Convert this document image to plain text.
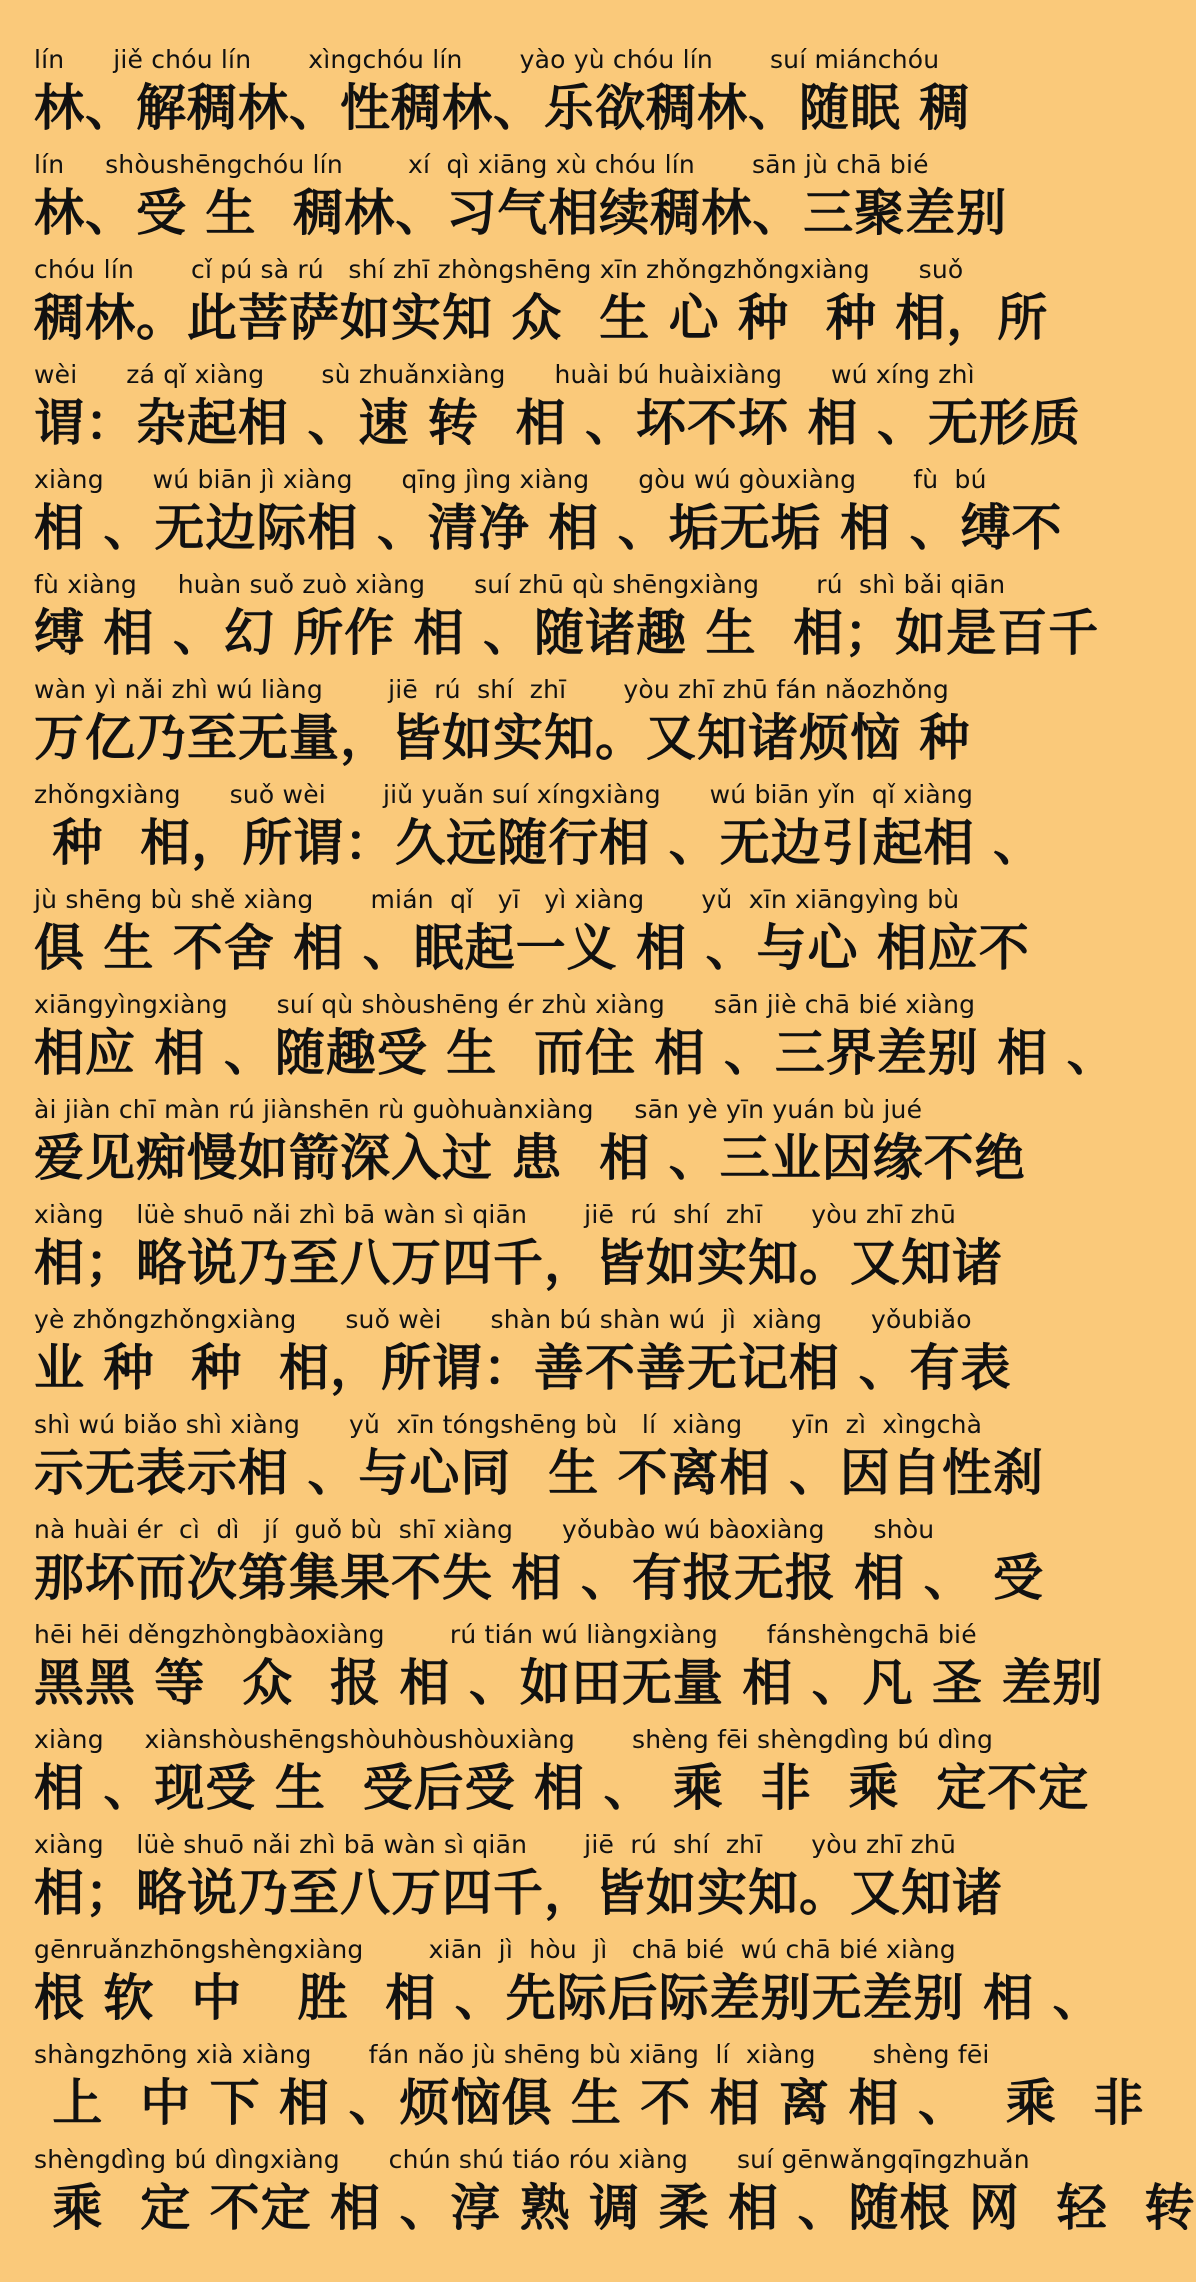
lín      jiě chóu lín       xìngchóu lín       yào yù chóu lín       suí miánchóu
林、解稠林、性稠林、乐欲稠林、随眠 稠
lín     shòushēngchóu lín        xí  qì xiāng xù chóu lín       sān jù chā bié
林、受 生  稠林、习气相续稠林、三聚差别
chóu lín       cǐ pú sà rú   shí zhī zhòngshēng xīn zhǒngzhǒngxiàng      suǒ
稠林。此菩萨如实知 众  生 心 种  种 相，所
wèi      zá qǐ xiàng       sù zhuǎnxiàng      huài bú huàixiàng      wú xíng zhì
谓：杂起相 、速 转  相 、坏不坏 相 、无形质
xiàng      wú biān jì xiàng      qīng jìng xiàng      gòu wú gòuxiàng       fù  bú
相 、无边际相 、清净 相 、垢无垢 相 、缚不
fù xiàng     huàn suǒ zuò xiàng      suí zhū qù shēngxiàng       rú  shì bǎi qiān
缚 相 、幻 所作 相 、随诸趣 生  相；如是百千
wàn yì nǎi zhì wú liàng        jiē  rú  shí  zhī       yòu zhī zhū fán nǎozhǒng
万亿乃至无量，皆如实知。又知诸烦恼 种
zhǒngxiàng      suǒ wèi       jiǔ yuǎn suí xíngxiàng      wú biān yǐn  qǐ xiàng
种  相，所谓：久远随行相 、无边引起相 、
jù shēng bù shě xiàng       mián  qǐ   yī   yì xiàng       yǔ  xīn xiāngyìng bù
俱 生 不舍 相 、眠起一义 相 、与心 相应不
xiāngyìngxiàng      suí qù shòushēng ér zhù xiàng      sān jiè chā bié xiàng
相应 相 、随趣受 生  而住 相 、三界差别 相 、
ài jiàn chī màn rú jiànshēn rù guòhuànxiàng     sān yè yīn yuán bù jué
爱见痴慢如箭深入过 患  相 、三业因缘不绝
xiàng    lüè shuō nǎi zhì bā wàn sì qiān       jiē  rú  shí  zhī      yòu zhī zhū
相；略说乃至八万四千，皆如实知。又知诸
yè zhǒngzhǒngxiàng      suǒ wèi      shàn bú shàn wú  jì  xiàng      yǒubiǎo
业 种  种  相，所谓：善不善无记相 、有表
shì wú biǎo shì xiàng      yǔ  xīn tóngshēng bù   lí  xiàng      yīn  zì  xìngchà
示无表示相 、与心同  生 不离相 、因自性刹
nà huài ér  cì  dì   jí  guǒ bù  shī xiàng      yǒubào wú bàoxiàng      shòu
那坏而次第集果不失 相 、有报无报 相 、 受
hēi hēi děngzhòngbàoxiàng        rú tián wú liàngxiàng      fánshèngchā bié
黑黑 等  众  报 相 、如田无量 相 、凡 圣 差别
xiàng     xiànshòushēngshòuhòushòuxiàng       shèng fēi shèngdìng bú dìng
相 、现受 生  受后受 相 、 乘  非  乘  定不定
xiàng    lüè shuō nǎi zhì bā wàn sì qiān       jiē  rú  shí  zhī      yòu zhī zhū
相；略说乃至八万四千，皆如实知。又知诸
gēnruǎnzhōngshèngxiàng        xiān  jì  hòu  jì   chā bié  wú chā bié xiàng
根 软  中   胜  相 、先际后际差别无差别 相 、
shàngzhōng xià xiàng       fán nǎo jù shēng bù xiāng  lí  xiàng       shèng fēi
上  中 下 相 、烦恼俱 生 不 相 离 相 、  乘  非
shèngdìng bú dìngxiàng      chún shú tiáo róu xiàng      suí gēnwǎngqīngzhuǎn
乘  定 不定 相 、淳 熟 调 柔 相 、随根 网  轻  转
